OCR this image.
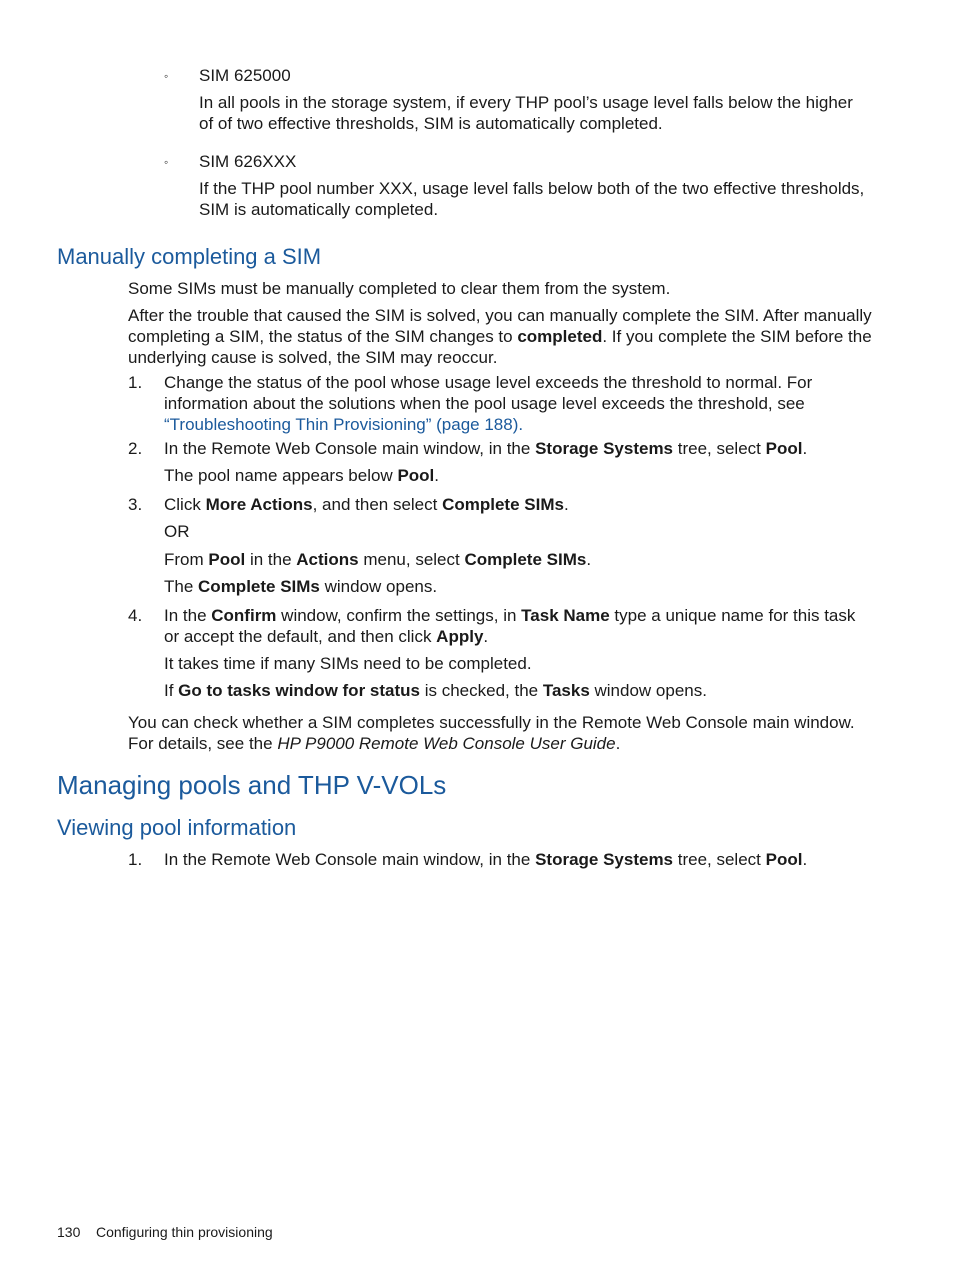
◦ SIM 625000

In all pools in the storage system, if every THP pool’s usage level falls below the higher

of of two effective thresholds, SIM is automatically completed.

◦ SIM 626XXX

If the THP pool number XXX, usage level falls below both of the two effective thresholds,

SIM is automatically completed.

Manually completing a SIM

Some SIMs must be manually completed to clear them from the system.

After the trouble that caused the SIM is solved, you can manually complete the SIM. After manually

completing a SIM, the status of the SIM changes to completed. If you complete the SIM before the

underlying cause is solved, the SIM may reoccur.

1. Change the status of the pool whose usage level exceeds the threshold to normal. For

information about the solutions when the pool usage level exceeds the threshold, see

“Troubleshooting Thin Provisioning” (page 188).

2. In the Remote Web Console main window, in the Storage Systems tree, select Pool.

The pool name appears below Pool.

3. Click More Actions, and then select Complete SIMs.

OR

From Pool in the Actions menu, select Complete SIMs.

The Complete SIMs window opens.

4. In the Confirm window, confirm the settings, in Task Name type a unique name for this task

or accept the default, and then click Apply.

It takes time if many SIMs need to be completed.

If Go to tasks window for status is checked, the Tasks window opens.

You can check whether a SIM completes successfully in the Remote Web Console main window.

For details, see the HP P9000 Remote Web Console User Guide.

Managing pools and THP V-VOLs
Viewing pool information
1. In the Remote Web Console main window, in the Storage Systems tree, select Pool.

130 Configuring thin provisioning
